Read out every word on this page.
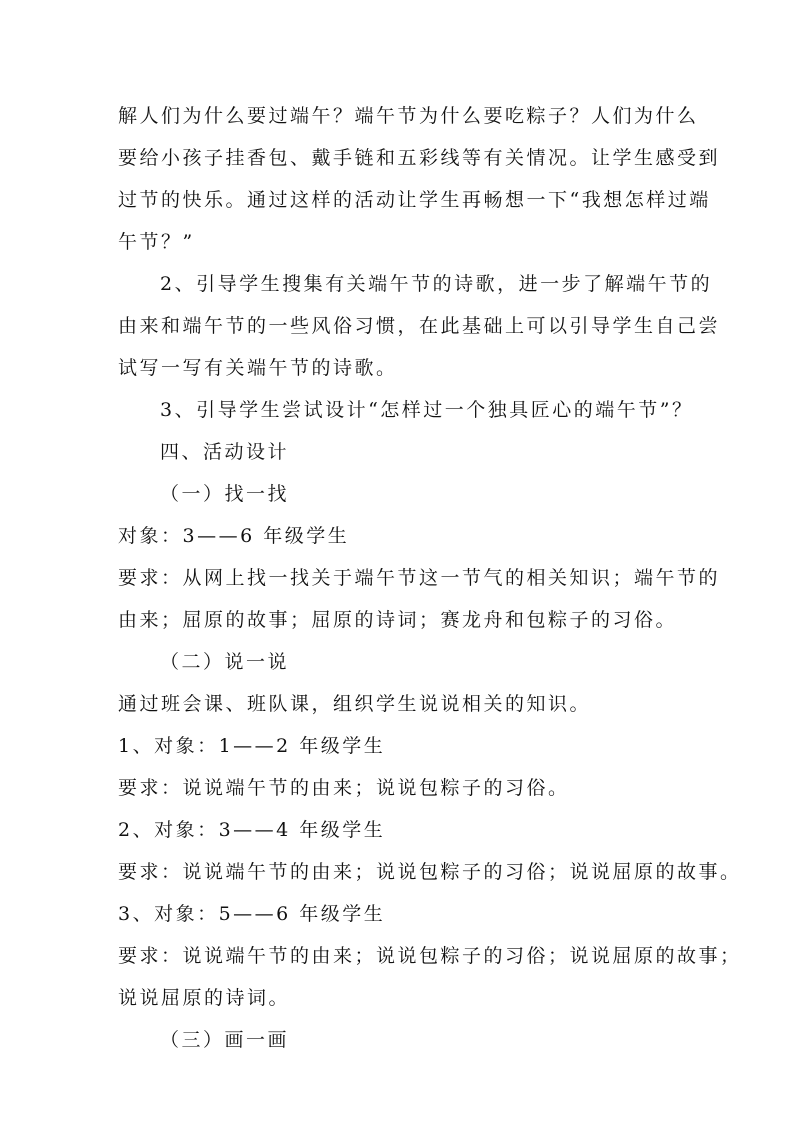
解人们为什么要过端午？端午节为什么要吃粽子？人们为什么
要给小孩子挂香包、戴手链和五彩线等有关情况。让学生感受到
过节的快乐。通过这样的活动让学生再畅想一下“我想怎样过端
午节？”
2、引导学生搜集有关端午节的诗歌，进一步了解端午节的
由来和端午节的一些风俗习惯，在此基础上可以引导学生自己尝
试写一写有关端午节的诗歌。
3、引导学生尝试设计“怎样过一个独具匠心的端午节”？
四、活动设计
（一）找一找
对象：3——6 年级学生
要求：从网上找一找关于端午节这一节气的相关知识；端午节的
由来；屈原的故事；屈原的诗词；赛龙舟和包粽子的习俗。
（二）说一说
通过班会课、班队课，组织学生说说相关的知识。
1、对象：1——2 年级学生
要求：说说端午节的由来；说说包粽子的习俗。
2、对象：3——4 年级学生
要求：说说端午节的由来；说说包粽子的习俗；说说屈原的故事。
3、对象：5——6 年级学生
要求：说说端午节的由来；说说包粽子的习俗；说说屈原的故事；
说说屈原的诗词。
（三）画一画
